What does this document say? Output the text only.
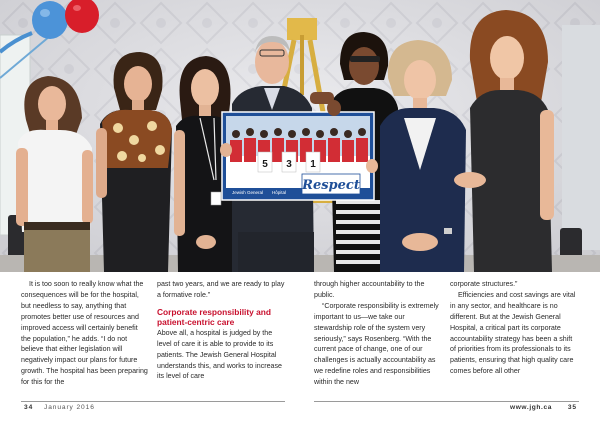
5 3 1
Respect
Jewish General Hôpital

It is too soon to really know what the consequences will be for the hospital, but needless to say, anything that promotes better use of resources and improved access will certainly benefit the population,” he adds. “I do not believe that either legislation will negatively impact our plans for future growth. The hospital has been preparing for this for the

past two years, and we are ready to play a formative role.”

Corporate responsibility and patient-centric care

Above all, a hospital is judged by the level of care it is able to provide to its patients. The Jewish General Hospital understands this, and works to increase its level of care

through higher accountability to the public.

“Corporate responsibility is extremely important to us—we take our stewardship role of the system very seriously,” says Rosenberg. “With the current pace of change, one of our challenges is actually accountability as we redefine roles and responsibilities within the new

corporate structures.”

Efficiencies and cost savings are vital in any sector, and healthcare is no different. But at the Jewish General Hospital, a critical part its corporate accountability strategy has been a shift of priorities from its professionals to its patients, ensuring that high quality care comes before all other

34 January 2016	www.jgh.ca 35
